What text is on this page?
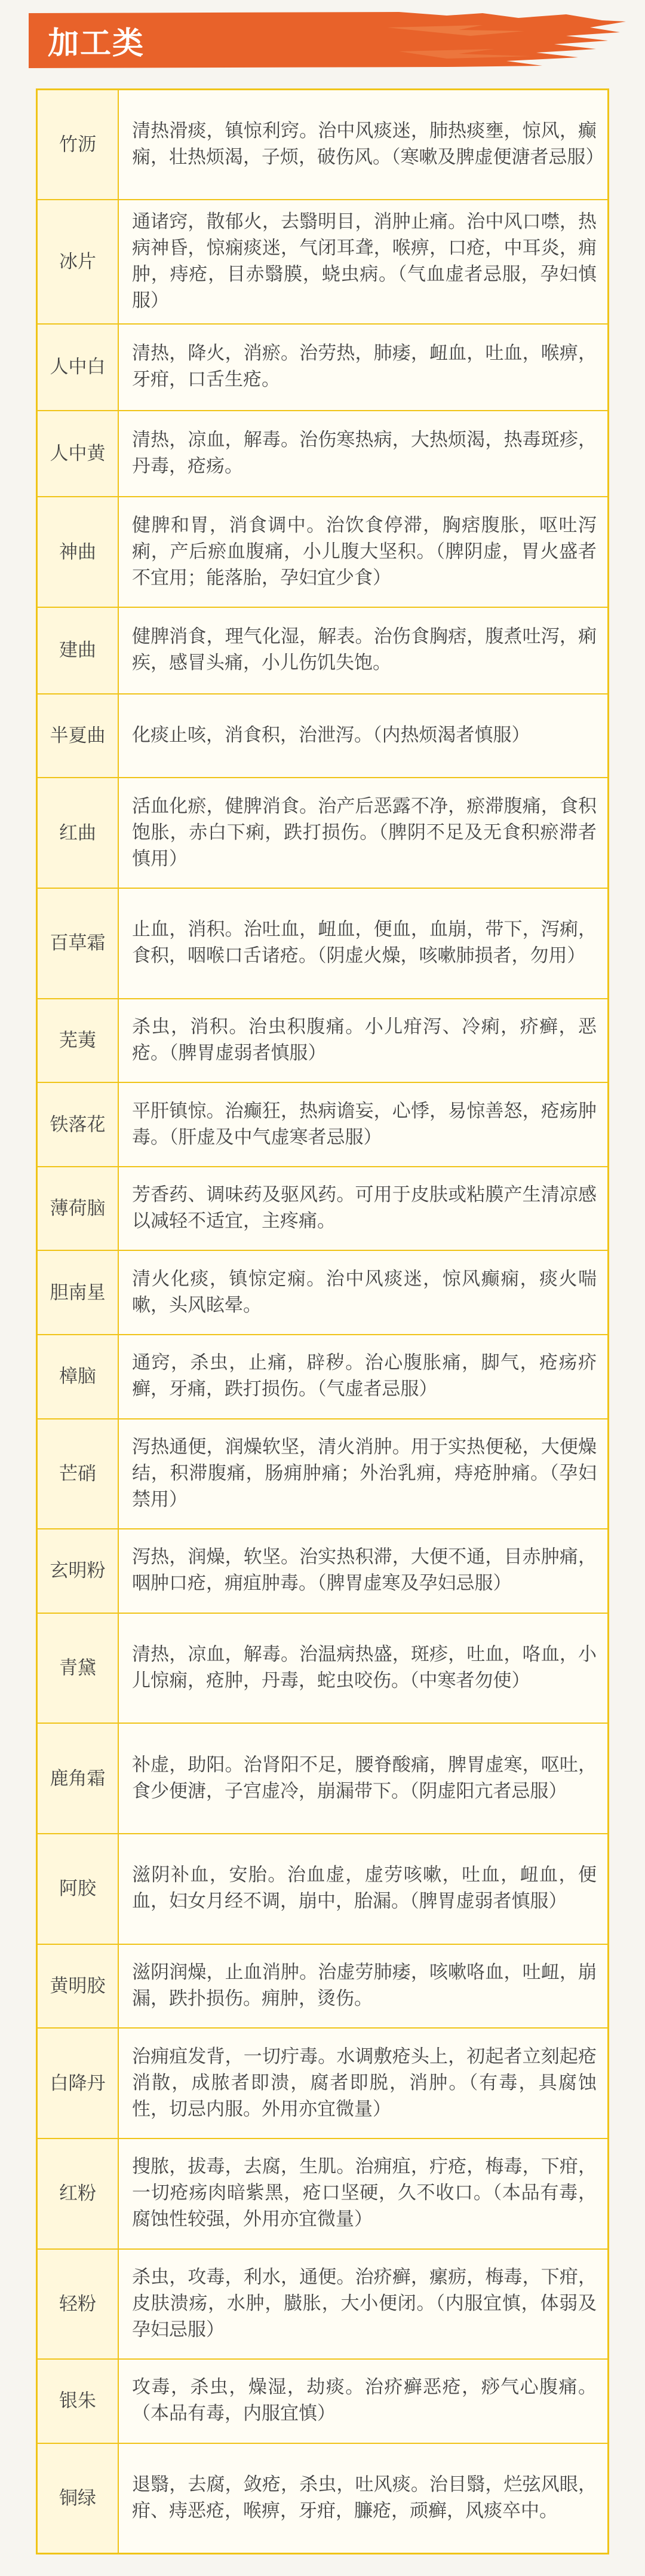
加工类
竹沥	清热滑痰，镇惊利窍。治中风痰迷，肺热痰壅，惊风，癫痫，壮热烦渴，子烦，破伤风。（寒嗽及脾虚便溏者忌服）
冰片	通诸窍，散郁火，去翳明目，消肿止痛。治中风口噤，热病神昏，惊痫痰迷，气闭耳聋，喉痹，口疮，中耳炎，痈肿，痔疮，目赤翳膜，蛲虫病。（气血虚者忌服，孕妇慎服）
人中白	清热，降火，消瘀。治劳热，肺痿，衄血，吐血，喉痹，牙疳，口舌生疮。
人中黄	清热，凉血，解毒。治伤寒热病，大热烦渴，热毒斑疹，丹毒，疮疡。
神曲	健脾和胃，消食调中。治饮食停滞，胸痞腹胀，呕吐泻痢，产后瘀血腹痛，小儿腹大坚积。（脾阴虚，胃火盛者不宜用；能落胎，孕妇宜少食）
建曲	健脾消食，理气化湿，解表。治伤食胸痞，腹煮吐泻，痢疾，感冒头痛，小儿伤饥失饱。
半夏曲	化痰止咳，消食积，治泄泻。（内热烦渴者慎服）
红曲	活血化瘀，健脾消食。治产后恶露不净，瘀滞腹痛，食积饱胀，赤白下痢，跌打损伤。（脾阴不足及无食积瘀滞者慎用）
百草霜	止血，消积。治吐血，衄血，便血，血崩，带下，泻痢，食积，咽喉口舌诸疮。（阴虚火燥，咳嗽肺损者，勿用）
芜荑	杀虫，消积。治虫积腹痛。小儿疳泻、冷痢，疥癣，恶疮。（脾胃虚弱者慎服）
铁落花	平肝镇惊。治癫狂，热病谵妄，心悸，易惊善怒，疮疡肿毒。（肝虚及中气虚寒者忌服）
薄荷脑	芳香药、调味药及驱风药。可用于皮肤或粘膜产生清凉感以减轻不适宜，主疼痛。
胆南星	清火化痰，镇惊定痫。治中风痰迷，惊风癫痫，痰火喘嗽，头风眩晕。
樟脑	通窍，杀虫，止痛，辟秽。治心腹胀痛，脚气，疮疡疥癣，牙痛，跌打损伤。（气虚者忌服）
芒硝	泻热通便，润燥软坚，清火消肿。用于实热便秘，大便燥结，积滞腹痛，肠痈肿痛；外治乳痈，痔疮肿痛。（孕妇禁用）
玄明粉	泻热，润燥，软坚。治实热积滞，大便不通，目赤肿痛，咽肿口疮，痈疽肿毒。（脾胃虚寒及孕妇忌服）
青黛	清热，凉血，解毒。治温病热盛，斑疹，吐血，咯血，小儿惊痫，疮肿，丹毒，蛇虫咬伤。（中寒者勿使）
鹿角霜	补虚，助阳。治肾阳不足，腰脊酸痛，脾胃虚寒，呕吐，食少便溏，子宫虚冷，崩漏带下。（阴虚阳亢者忌服）
阿胶	滋阴补血，安胎。治血虚，虚劳咳嗽，吐血，衄血，便血，妇女月经不调，崩中，胎漏。（脾胃虚弱者慎服）
黄明胶	滋阴润燥，止血消肿。治虚劳肺痿，咳嗽咯血，吐衄，崩漏，跌扑损伤。痈肿，烫伤。
白降丹	治痈疽发背，一切疔毒。水调敷疮头上，初起者立刻起疮消散，成脓者即溃，腐者即脱，消肿。（有毒，具腐蚀性，切忌内服。外用亦宜微量）
红粉	搜脓，拔毒，去腐，生肌。治痈疽，疔疮，梅毒，下疳，一切疮疡肉暗紫黑，疮口坚硬，久不收口。（本品有毒，腐蚀性较强，外用亦宜微量）
轻粉	杀虫，攻毒，利水，通便。治疥癣，瘰疬，梅毒，下疳，皮肤溃疡，水肿，臌胀，大小便闭。（内服宜慎，体弱及孕妇忌服）
银朱	攻毒，杀虫，燥湿，劫痰。治疥癣恶疮，痧气心腹痛。（本品有毒，内服宜慎）
铜绿	退翳，去腐，敛疮，杀虫，吐风痰。治目翳，烂弦风眼，疳、痔恶疮，喉痹，牙疳，臁疮，顽癣，风痰卒中。
